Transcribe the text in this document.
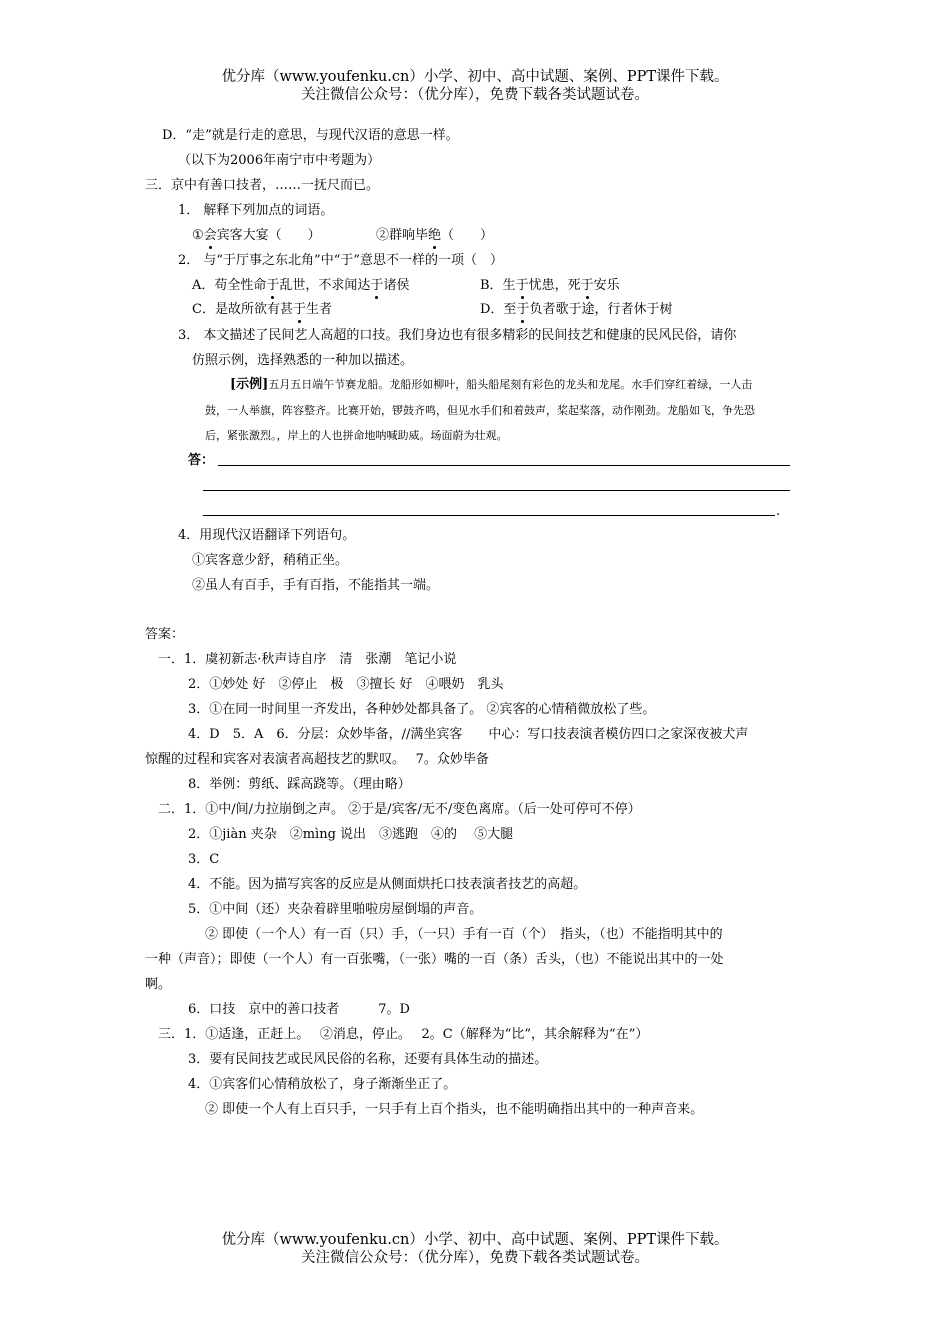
优分库（www.youfenku.cn）小学、初中、高中试题、案例、PPT课件下载。
关注微信公众号：（优分库），免费下载各类试题试卷。
D．“走”就是行走的意思，与现代汉语的意思一样。
（以下为2006年南宁市中考题为）
三．京中有善口技者，……一抚尺而已。
1． 解释下列加点的词语。
①会宾客大宴（　　）	②群响毕绝（　　）
2． 与“于厅事之东北角”中“于”意思不一样的一项（　）
A．苟全性命于乱世，不求闻达于诸侯	B．生于忧患，死于安乐
C．是故所欲有甚于生者	D．至于负者歌于途，行者休于树
3． 本文描述了民间艺人高超的口技。我们身边也有很多精彩的民间技艺和健康的民风民俗，请你
仿照示例，选择熟悉的一种加以描述。
[示例]五月五日端午节赛龙船。龙船形如柳叶，船头船尾刻有彩色的龙头和龙尾。水手们穿红着绿，一人击
鼓，一人举旗，阵容整齐。比赛开始，锣鼓齐鸣，但见水手们和着鼓声，桨起桨落，动作刚劲。龙船如飞，争先恐
后，紧张激烈。，岸上的人也拼命地呐喊助威。场面蔚为壮观。
答：
.
4．用现代汉语翻译下列语句。
①宾客意少舒，稍稍正坐。
②虽人有百手，手有百指，不能指其一端。
答案：
一．1．虞初新志·秋声诗自序　清　张潮　笔记小说
2．①妙处 好　②停止　极　③擅长 好　④喂奶　乳头
3．①在同一时间里一齐发出，各种妙处都具备了。 ②宾客的心情稍微放松了些。
4．D　5．A　6．分层：众妙毕备，//满坐宾客　　中心：写口技表演者模仿四口之家深夜被犬声
惊醒的过程和宾客对表演者高超技艺的默叹。　 7。众妙毕备
8．举例：剪纸、踩高跷等。（理由略）
二．1．①中/间/力拉崩倒之声。 ②于是/宾客/无不/变色离席。（后一处可停可不停）
2．①jiàn 夹杂　②mìng 说出　③逃跑　④的　 ⑤大腿
3．C
4．不能。因为描写宾客的反应是从侧面烘托口技表演者技艺的高超。
5．①中间（还）夹杂着辟里啪啦房屋倒塌的声音。
② 即使（一个人）有一百（只）手，（一只）手有一百（个）　指头，（也）不能指明其中的
一种（声音）；即使（一个人）有一百张嘴，（一张）嘴的一百（条）舌头，（也）不能说出其中的一处
啊。
6．口技　京中的善口技者　　　7。D
三．1．①适逢，正赶上。　 ②消息，停止。　 2。C（解释为“比”，其余解释为“在”）
3．要有民间技艺或民风民俗的名称，还要有具体生动的描述。
4．①宾客们心情稍放松了，身子渐渐坐正了。
② 即使一个人有上百只手，一只手有上百个指头，也不能明确指出其中的一种声音来。
优分库（www.youfenku.cn）小学、初中、高中试题、案例、PPT课件下载。
关注微信公众号：（优分库），免费下载各类试题试卷。
